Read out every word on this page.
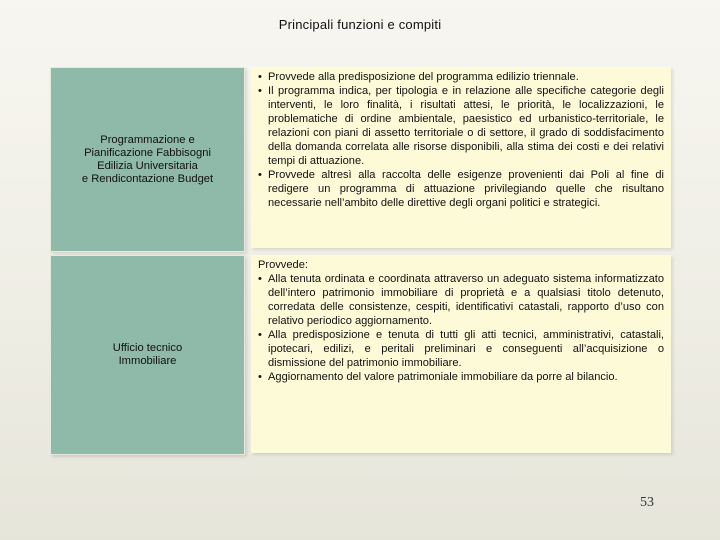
Principali funzioni e compiti
Programmazione e
Pianificazione Fabbisogni
Edilizia Universitaria
e Rendicontazione Budget
• Provvede alla predisposizione del programma edilizio triennale.
• Il programma indica, per tipologia e in relazione alle specifiche categorie degli interventi, le loro finalità, i risultati attesi, le priorità, le localizzazioni, le problematiche di ordine ambientale, paesistico ed urbanistico-territoriale, le relazioni con piani di assetto territoriale o di settore, il grado di soddisfacimento della domanda correlata alle risorse disponibili, alla stima dei costi e dei relativi tempi di attuazione.
• Provvede altresì alla raccolta delle esigenze provenienti dai Poli al fine di redigere un programma di attuazione privilegiando quelle che risultano necessarie nell’ambito delle direttive degli organi politici e strategici.
Ufficio tecnico
Immobiliare
Provvede:
• Alla tenuta ordinata e coordinata attraverso un adeguato sistema informatizzato dell’intero patrimonio immobiliare di proprietà e a qualsiasi titolo detenuto, corredata delle consistenze, cespiti, identificativi catastali, rapporto d’uso con relativo periodico aggiornamento.
• Alla predisposizione e tenuta di tutti gli atti tecnici, amministrativi, catastali, ipotecari, edilizi, e peritali preliminari e conseguenti all’acquisizione o dismissione del patrimonio immobiliare.
• Aggiornamento del valore patrimoniale immobiliare da porre al bilancio.
53
